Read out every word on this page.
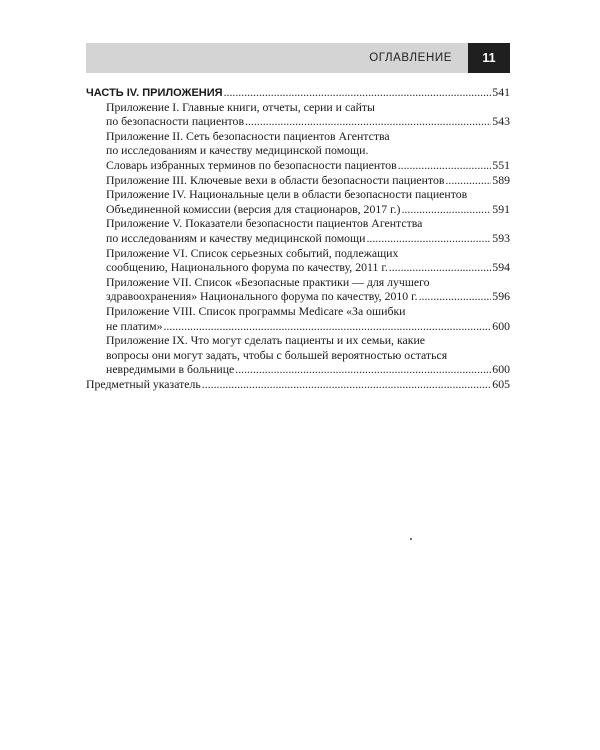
ОГЛАВЛЕНИЕ	11
ЧАСТЬ IV. ПРИЛОЖЕНИЯ .....	541
Приложение I. Главные книги, отчеты, серии и сайты
по безопасности пациентов .....	543
Приложение II. Сеть безопасности пациентов Агентства
по исследованиям и качеству медицинской помощи.
Словарь избранных терминов по безопасности пациентов .....	551
Приложение III. Ключевые вехи в области безопасности пациентов .....	589
Приложение IV. Национальные цели в области безопасности пациентов
Объединенной комиссии (версия для стационаров, 2017 г.) .....	591
Приложение V. Показатели безопасности пациентов Агентства
по исследованиям и качеству медицинской помощи .....	593
Приложение VI. Список серьезных событий, подлежащих
сообщению, Национального форума по качеству, 2011 г. .....	594
Приложение VII. Список «Безопасные практики — для лучшего
здравоохранения» Национального форума по качеству, 2010 г. .....	596
Приложение VIII. Список программы Medicare «За ошибки
не платим» .....	600
Приложение IX. Что могут сделать пациенты и их семьи, какие
вопросы они могут задать, чтобы с большей вероятностью остаться
невредимыми в больнице .....	600
Предметный указатель .....	605
